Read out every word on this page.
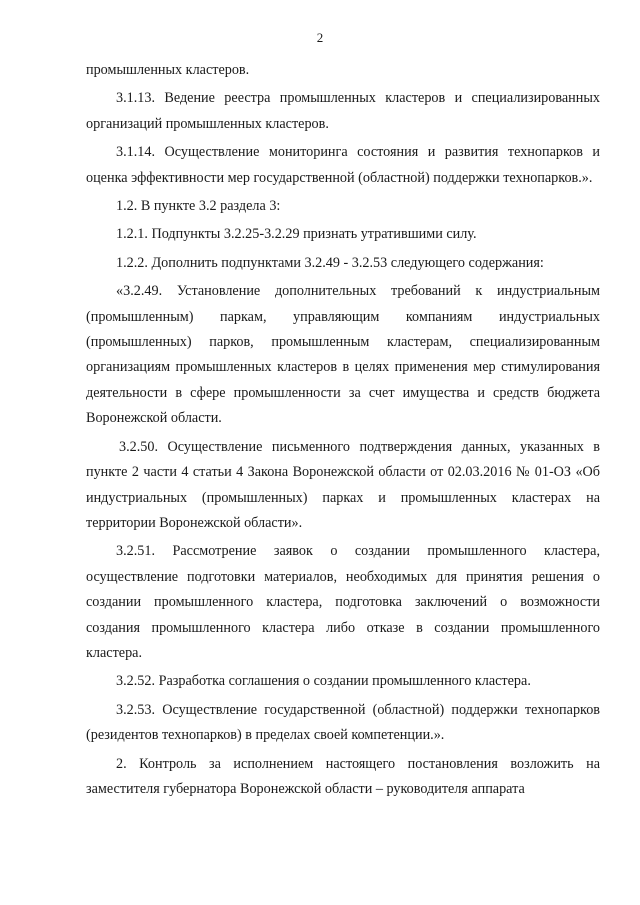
2

промышленных кластеров.

3.1.13. Ведение реестра промышленных кластеров и специализированных организаций промышленных кластеров.

3.1.14. Осуществление мониторинга состояния и развития технопарков и оценка эффективности мер государственной (областной) поддержки технопарков.».

1.2. В пункте 3.2 раздела 3:

1.2.1. Подпункты 3.2.25-3.2.29 признать утратившими силу.

1.2.2. Дополнить подпунктами 3.2.49 - 3.2.53 следующего содержания:

«3.2.49. Установление дополнительных требований к индустриальным (промышленным) паркам, управляющим компаниям индустриальных (промышленных) парков, промышленным кластерам, специализированным организациям промышленных кластеров в целях применения мер стимулирования деятельности в сфере промышленности за счет имущества и средств бюджета Воронежской области.

3.2.50. Осуществление письменного подтверждения данных, указанных в пункте 2 части 4 статьи 4 Закона Воронежской области от 02.03.2016 № 01-ОЗ «Об индустриальных (промышленных) парках и промышленных кластерах на территории Воронежской области».

3.2.51. Рассмотрение заявок о создании промышленного кластера, осуществление подготовки материалов, необходимых для принятия решения о создании промышленного кластера, подготовка заключений о возможности создания промышленного кластера либо отказе в создании промышленного кластера.

3.2.52. Разработка соглашения о создании промышленного кластера.

3.2.53. Осуществление государственной (областной) поддержки технопарков (резидентов технопарков) в пределах своей компетенции.».

2. Контроль за исполнением настоящего постановления возложить на заместителя губернатора Воронежской области – руководителя аппарата
